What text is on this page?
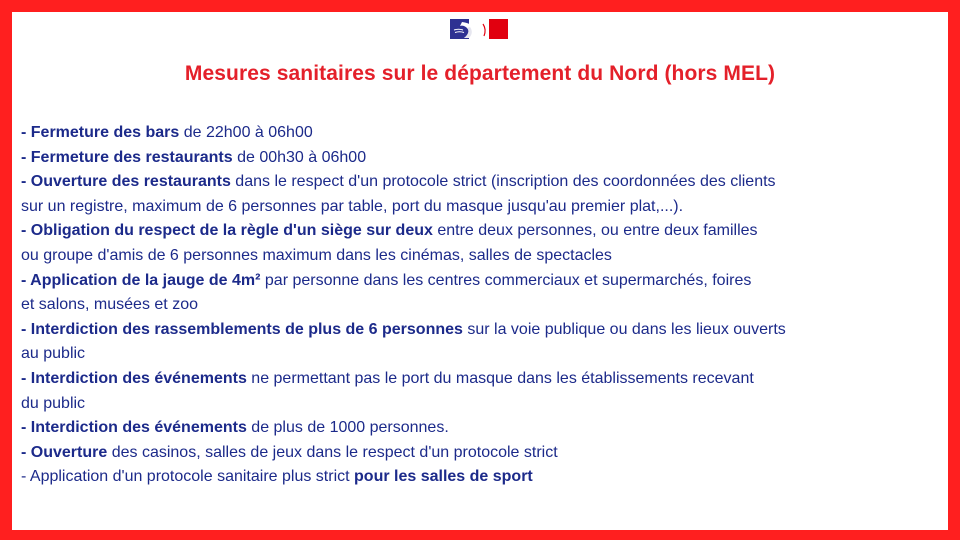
Mesures sanitaires sur le département du Nord (hors MEL)
- Fermeture des bars de 22h00 à 06h00
- Fermeture des restaurants de 00h30 à 06h00
- Ouverture des restaurants dans le respect d'un protocole strict (inscription des coordonnées des clients
sur un registre, maximum de 6 personnes par table, port du masque jusqu'au premier plat,...).
- Obligation du respect de la règle d'un siège sur deux entre deux personnes, ou entre deux familles
ou groupe d'amis de 6 personnes maximum dans les cinémas, salles de spectacles
- Application de la jauge de 4m² par personne dans les centres commerciaux et supermarchés, foires
et salons, musées et zoo
- Interdiction des rassemblements de plus de 6 personnes sur la voie publique ou dans les lieux ouverts
au public
- Interdiction des événements ne permettant pas le port du masque dans les établissements recevant
du public
- Interdiction des événements de plus de 1000 personnes.
- Ouverture des casinos, salles de jeux dans le respect d'un protocole strict
- Application d'un protocole sanitaire plus strict pour les salles de sport
